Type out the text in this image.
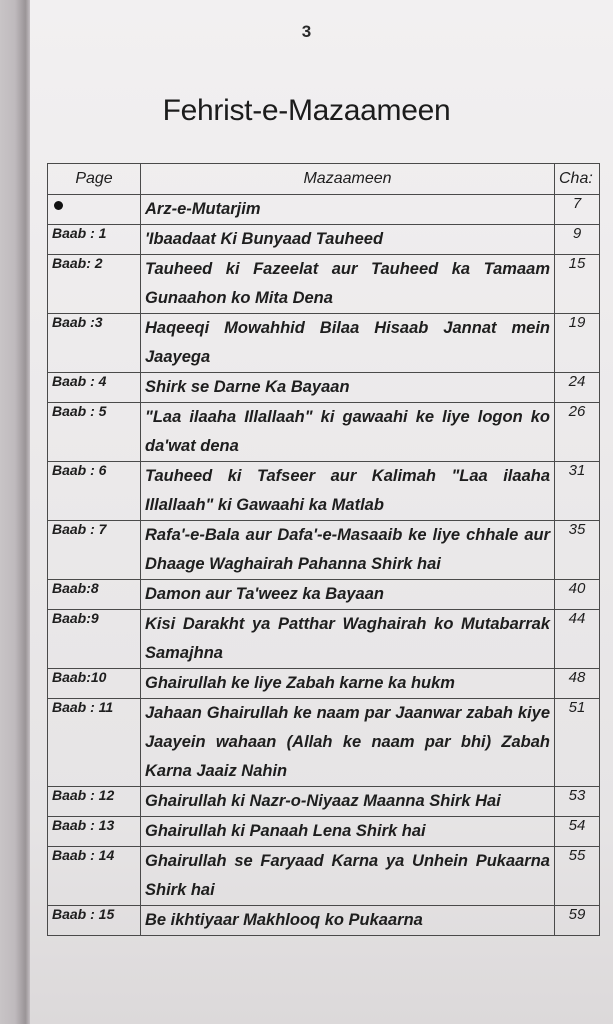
3
Fehrist-e-Mazaameen
Page	Mazaameen	Cha:
	Arz-e-Mutarjim	7
Baab : 1	'Ibaadaat Ki Bunyaad Tauheed	9
Baab: 2	Tauheed ki Fazeelat aur Tauheed ka Tamaam Gunaahon ko Mita Dena	15
Baab :3	Haqeeqi Mowahhid Bilaa Hisaab Jannat mein Jaayega	19
Baab : 4	Shirk se Darne Ka Bayaan	24
Baab : 5	"Laa ilaaha Illallaah" ki gawaahi ke liye logon ko da'wat dena	26
Baab : 6	Tauheed ki Tafseer aur Kalimah "Laa ilaaha Illallaah" ki Gawaahi ka Matlab	31
Baab : 7	Rafa'-e-Bala aur Dafa'-e-Masaaib ke liye chhale aur Dhaage Waghairah Pahanna Shirk hai	35
Baab:8	Damon aur Ta'weez ka Bayaan	40
Baab:9	Kisi Darakht ya Patthar Waghairah ko Mutabarrak Samajhna	44
Baab:10	Ghairullah ke liye Zabah karne ka hukm	48
Baab : 11	Jahaan Ghairullah ke naam par Jaanwar zabah kiye Jaayein wahaan (Allah ke naam par bhi) Zabah Karna Jaaiz Nahin	51
Baab : 12	Ghairullah ki Nazr-o-Niyaaz Maanna Shirk Hai	53
Baab : 13	Ghairullah ki Panaah Lena Shirk hai	54
Baab : 14	Ghairullah se Faryaad Karna ya Unhein Pukaarna Shirk hai	55
Baab : 15	Be ikhtiyaar Makhlooq ko Pukaarna	59
